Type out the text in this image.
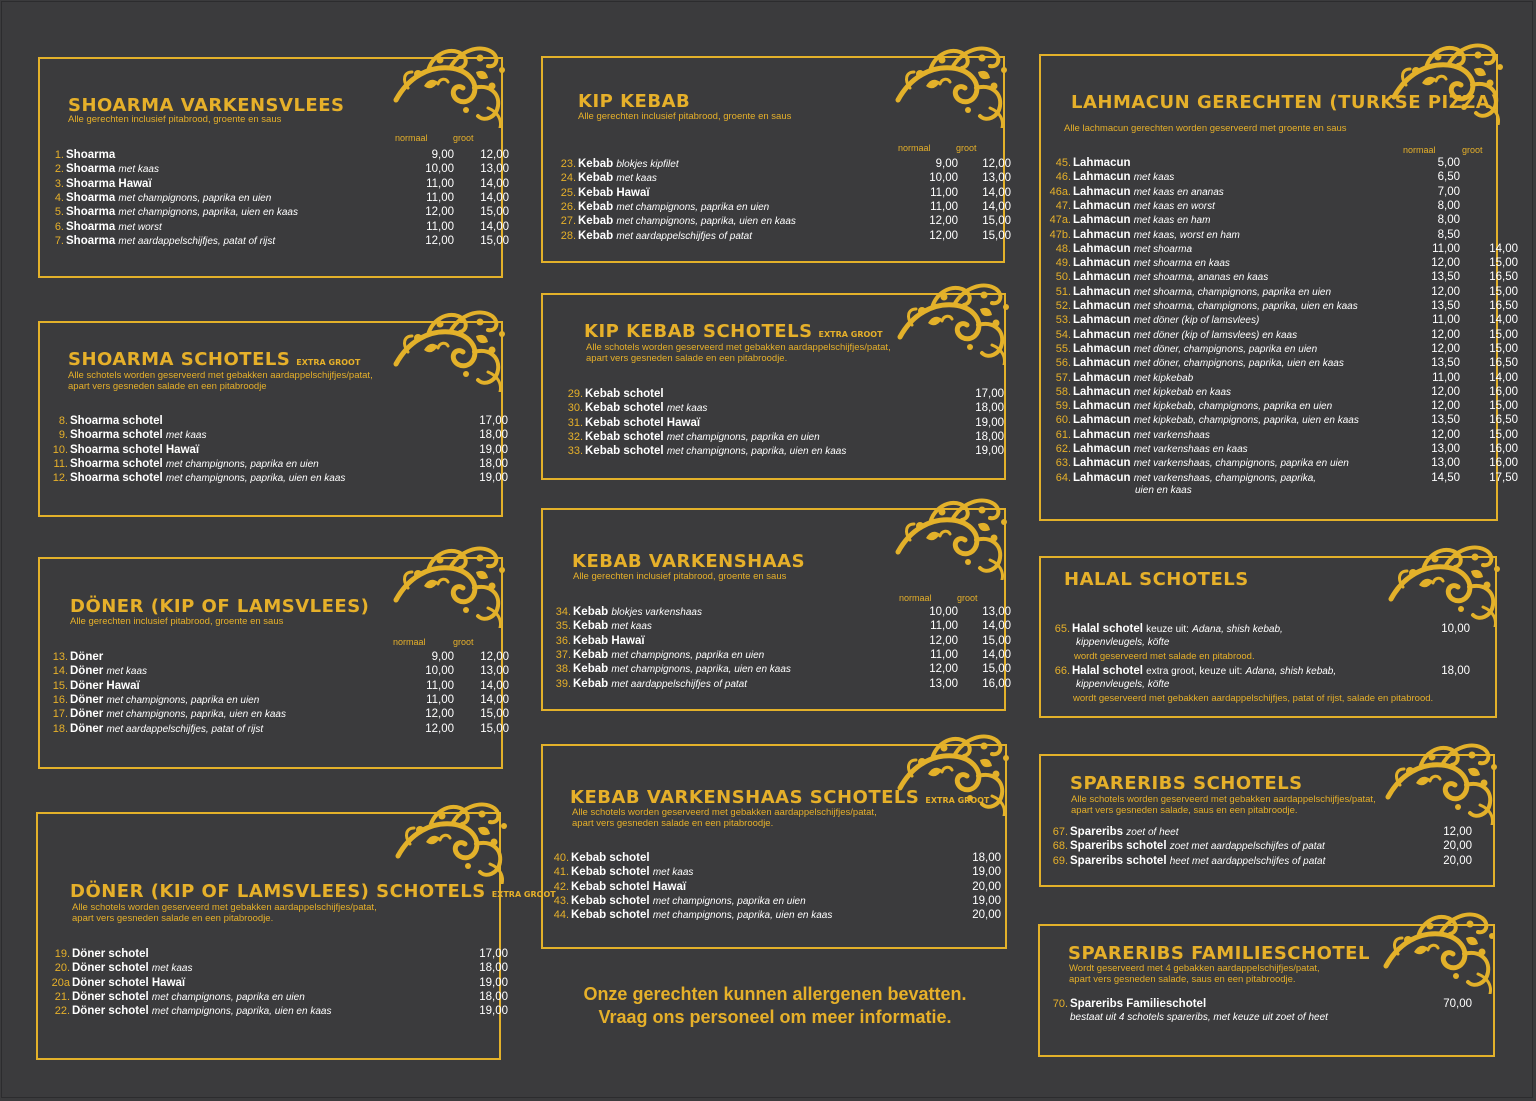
SHOARMA VARKENSVLEES
Alle gerechten inclusief pitabrood, groente en saus
normaal	groot
1. Shoarma	9,00	12,00
2. Shoarma met kaas	10,00	13,00
3. Shoarma Hawaï	11,00	14,00
4. Shoarma met champignons, paprika en uien	11,00	14,00
5. Shoarma met champignons, paprika, uien en kaas	12,00	15,00
6. Shoarma met worst	11,00	14,00
7. Shoarma met aardappelschijfjes, patat of rijst	12,00	15,00
SHOARMA SCHOTELS EXTRA GROOT
Alle schotels worden geserveerd met gebakken aardappelschijfjes/patat,
apart vers gesneden salade en een pitabroodje
8. Shoarma schotel	17,00
9. Shoarma schotel met kaas	18,00
10. Shoarma schotel Hawaï	19,00
11. Shoarma schotel met champignons, paprika en uien	18,00
12. Shoarma schotel met champignons, paprika, uien en kaas	19,00
DÖNER (KIP OF LAMSVLEES)
Alle gerechten inclusief pitabrood, groente en saus
normaal	groot
13. Döner	9,00	12,00
14. Döner met kaas	10,00	13,00
15. Döner Hawaï	11,00	14,00
16. Döner met champignons, paprika en uien	11,00	14,00
17. Döner met champignons, paprika, uien en kaas	12,00	15,00
18. Döner met aardappelschijfjes, patat of rijst	12,00	15,00
DÖNER (KIP OF LAMSVLEES) SCHOTELS EXTRA GROOT
Alle schotels worden geserveerd met gebakken aardappelschijfjes/patat,
apart vers gesneden salade en een pitabroodje.
19. Döner schotel	17,00
20. Döner schotel met kaas	18,00
20a Döner schotel Hawaï	19,00
21. Döner schotel met champignons, paprika en uien	18,00
22. Döner schotel met champignons, paprika, uien en kaas	19,00
KIP KEBAB
Alle gerechten inclusief pitabrood, groente en saus
normaal	groot
23. Kebab blokjes kipfilet	9,00	12,00
24. Kebab met kaas	10,00	13,00
25. Kebab Hawaï	11,00	14,00
26. Kebab met champignons, paprika en uien	11,00	14,00
27. Kebab met champignons, paprika, uien en kaas	12,00	15,00
28. Kebab met aardappelschijfjes of patat	12,00	15,00
KIP KEBAB SCHOTELS EXTRA GROOT
Alle schotels worden geserveerd met gebakken aardappelschijfjes/patat,
apart vers gesneden salade en een pitabroodje.
29. Kebab schotel	17,00
30. Kebab schotel met kaas	18,00
31. Kebab schotel Hawaï	19,00
32. Kebab schotel met champignons, paprika en uien	18,00
33. Kebab schotel met champignons, paprika, uien en kaas	19,00
KEBAB VARKENSHAAS
Alle gerechten inclusief pitabrood, groente en saus
normaal	groot
34. Kebab blokjes varkenshaas	10,00	13,00
35. Kebab met kaas	11,00	14,00
36. Kebab Hawaï	12,00	15,00
37. Kebab met champignons, paprika en uien	11,00	14,00
38. Kebab met champignons, paprika, uien en kaas	12,00	15,00
39. Kebab met aardappelschijfjes of patat	13,00	16,00
KEBAB VARKENSHAAS SCHOTELS EXTRA GROOT
Alle schotels worden geserveerd met gebakken aardappelschijfjes/patat,
apart vers gesneden salade en een pitabroodje.
40. Kebab schotel	18,00
41. Kebab schotel met kaas	19,00
42. Kebab schotel Hawaï	20,00
43. Kebab schotel met champignons, paprika en uien	19,00
44. Kebab schotel met champignons, paprika, uien en kaas	20,00
Onze gerechten kunnen allergenen bevatten.
Vraag ons personeel om meer informatie.
LAHMACUN GERECHTEN (TURKSE PIZZA)
Alle lachmacun gerechten worden geserveerd met groente en saus
normaal	groot
45. Lahmacun	5,00
46. Lahmacun met kaas	6,50
46a. Lahmacun met kaas en ananas	7,00
47. Lahmacun met kaas en worst	8,00
47a. Lahmacun met kaas en ham	8,00
47b. Lahmacun met kaas, worst en ham	8,50
48. Lahmacun met shoarma	11,00	14,00
49. Lahmacun met shoarma en kaas	12,00	15,00
50. Lahmacun met shoarma, ananas en kaas	13,50	16,50
51. Lahmacun met shoarma, champignons, paprika en uien	12,00	15,00
52. Lahmacun met shoarma, champignons, paprika, uien en kaas	13,50	16,50
53. Lahmacun met döner (kip of lamsvlees)	11,00	14,00
54. Lahmacun met döner (kip of lamsvlees) en kaas	12,00	15,00
55. Lahmacun met döner, champignons, paprika en uien	12,00	15,00
56. Lahmacun met döner, champignons, paprika, uien en kaas	13,50	16,50
57. Lahmacun met kipkebab	11,00	14,00
58. Lahmacun met kipkebab en kaas	12,00	16,00
59. Lahmacun met kipkebab, champignons, paprika en uien	12,00	15,00
60. Lahmacun met kipkebab, champignons, paprika, uien en kaas	13,50	16,50
61. Lahmacun met varkenshaas	12,00	15,00
62. Lahmacun met varkenshaas en kaas	13,00	16,00
63. Lahmacun met varkenshaas, champignons, paprika en uien	13,00	16,00
64. Lahmacun met varkenshaas, champignons, paprika,	14,50	17,50
uien en kaas
HALAL SCHOTELS
65. Halal schotel keuze uit: Adana, shish kebab,	10,00
kippenvleugels, köfte
wordt geserveerd met salade en pitabrood.
66. Halal schotel extra groot, keuze uit: Adana, shish kebab,	18,00
kippenvleugels, köfte
wordt geserveerd met gebakken aardappelschijfjes, patat of rijst, salade en pitabrood.
SPARERIBS SCHOTELS
Alle schotels worden geserveerd met gebakken aardappelschijfjes/patat,
apart vers gesneden salade, saus en een pitabroodje.
67. Spareribs zoet of heet	12,00
68. Spareribs schotel zoet met aardappelschijfes of patat	20,00
69. Spareribs schotel heet met aardappelschijfes of patat	20,00
SPARERIBS FAMILIESCHOTEL
Wordt geserveerd met 4 gebakken aardappelschijfjes/patat,
apart vers gesneden salade, saus en een pitabroodje.
70. Spareribs Familieschotel	70,00
bestaat uit 4 schotels spareribs, met keuze uit zoet of heet
